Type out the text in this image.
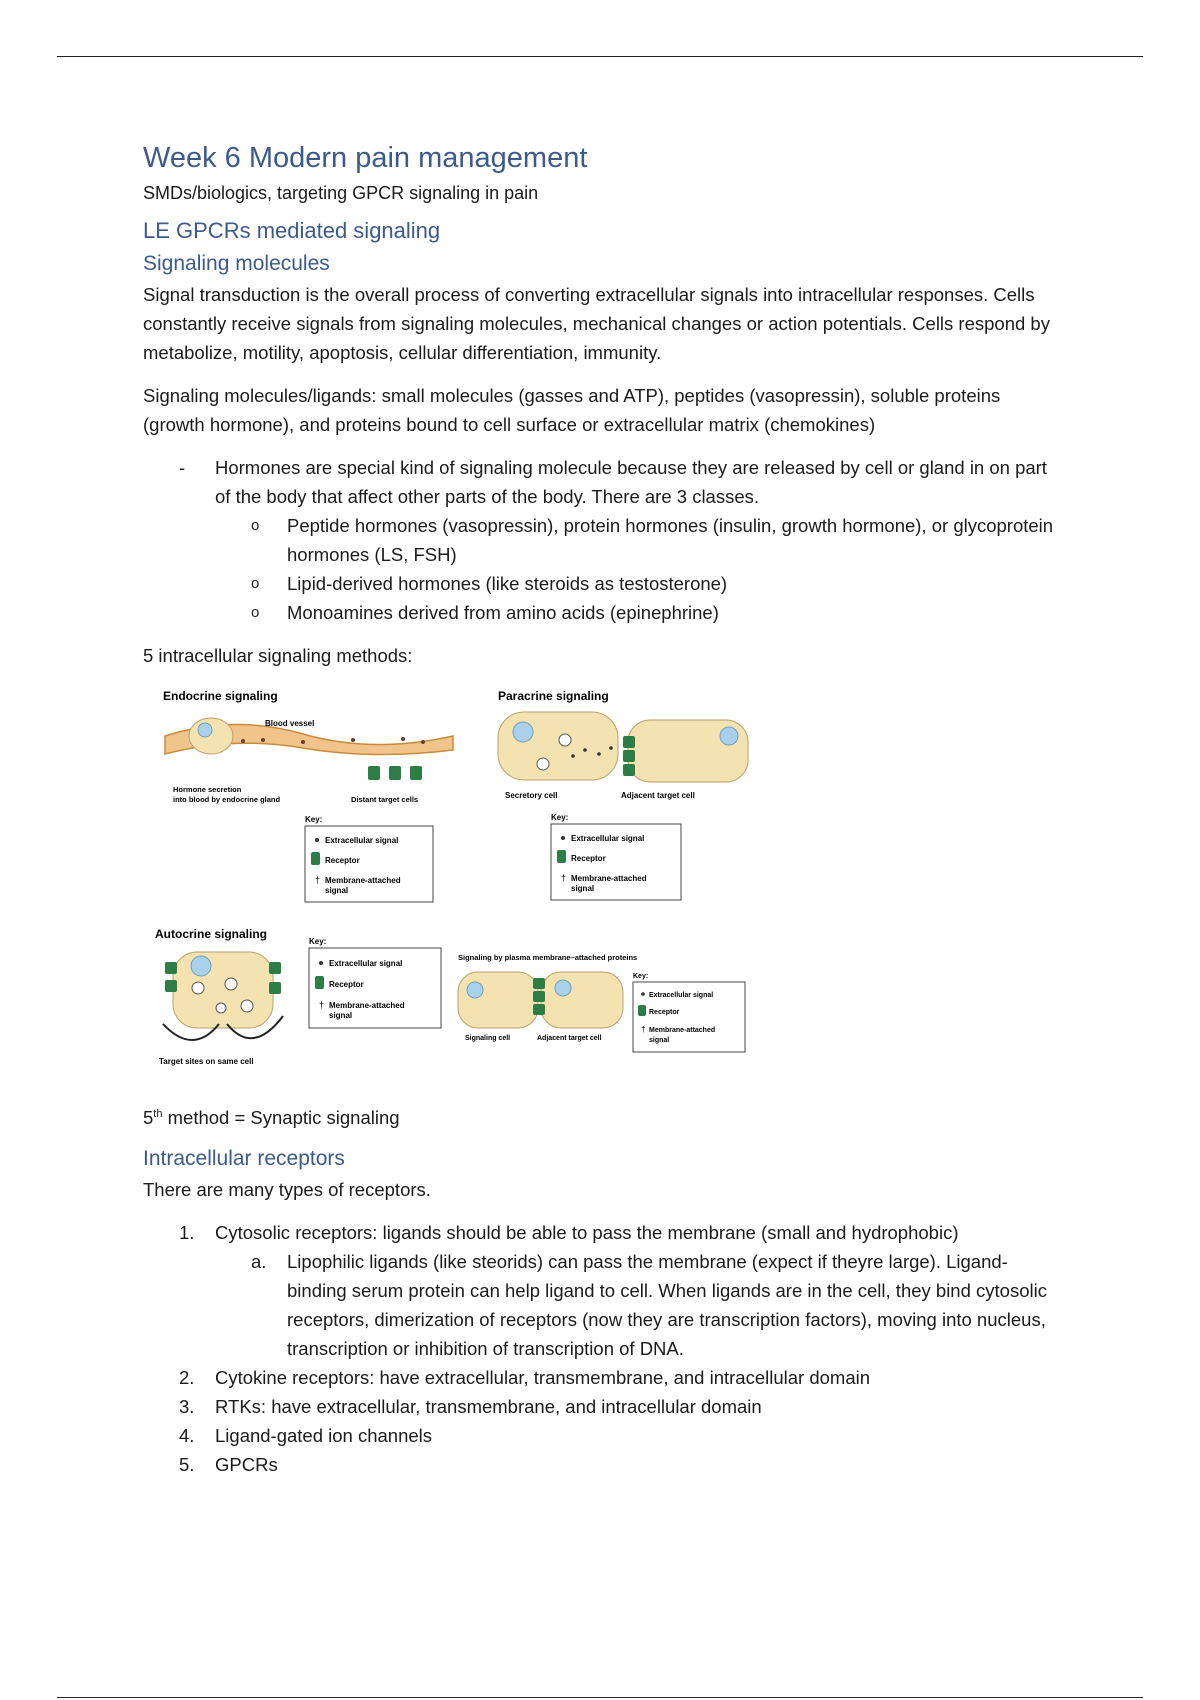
Week 6 Modern pain management
SMDs/biologics, targeting GPCR signaling in pain
LE GPCRs mediated signaling
Signaling molecules

Signal transduction is the overall process of converting extracellular signals into intracellular responses. Cells constantly receive signals from signaling molecules, mechanical changes or action potentials. Cells respond by metabolize, motility, apoptosis, cellular differentiation, immunity.

Signaling molecules/ligands: small molecules (gasses and ATP), peptides (vasopressin), soluble proteins (growth hormone), and proteins bound to cell surface or extracellular matrix (chemokines)

- Hormones are special kind of signaling molecule because they are released by cell or gland in on part of the body that affect other parts of the body. There are 3 classes.
o Peptide hormones (vasopressin), protein hormones (insulin, growth hormone), or glycoprotein hormones (LS, FSH)
o Lipid-derived hormones (like steroids as testosterone)
o Monoamines derived from amino acids (epinephrine)

5 intracellular signaling methods:

Endocrine signaling
Blood vessel
Hormone secretion
into blood by endocrine gland	Distant target cells
Key:
Extracellular signal
Receptor
† Membrane-attached
signal
Paracrine signaling
Secretory cell	Adjacent target cell
Key:
Extracellular signal
Receptor
† Membrane-attached
signal
Autocrine signaling
Target sites on same cell
Key:
Extracellular signal
Receptor
† Membrane-attached
signal
Signaling by plasma membrane–attached proteins
Signaling cell	Adjacent target cell
Key:
Extracellular signal
Receptor
† Membrane-attached
signal

5th method = Synaptic signaling

Intracellular receptors

There are many types of receptors.

1. Cytosolic receptors: ligands should be able to pass the membrane (small and hydrophobic)
a. Lipophilic ligands (like steorids) can pass the membrane (expect if theyre large). Ligand-binding serum protein can help ligand to cell. When ligands are in the cell, they bind cytosolic receptors, dimerization of receptors (now they are transcription factors), moving into nucleus, transcription or inhibition of transcription of DNA.
2. Cytokine receptors: have extracellular, transmembrane, and intracellular domain
3. RTKs: have extracellular, transmembrane, and intracellular domain
4. Ligand-gated ion channels
5. GPCRs
